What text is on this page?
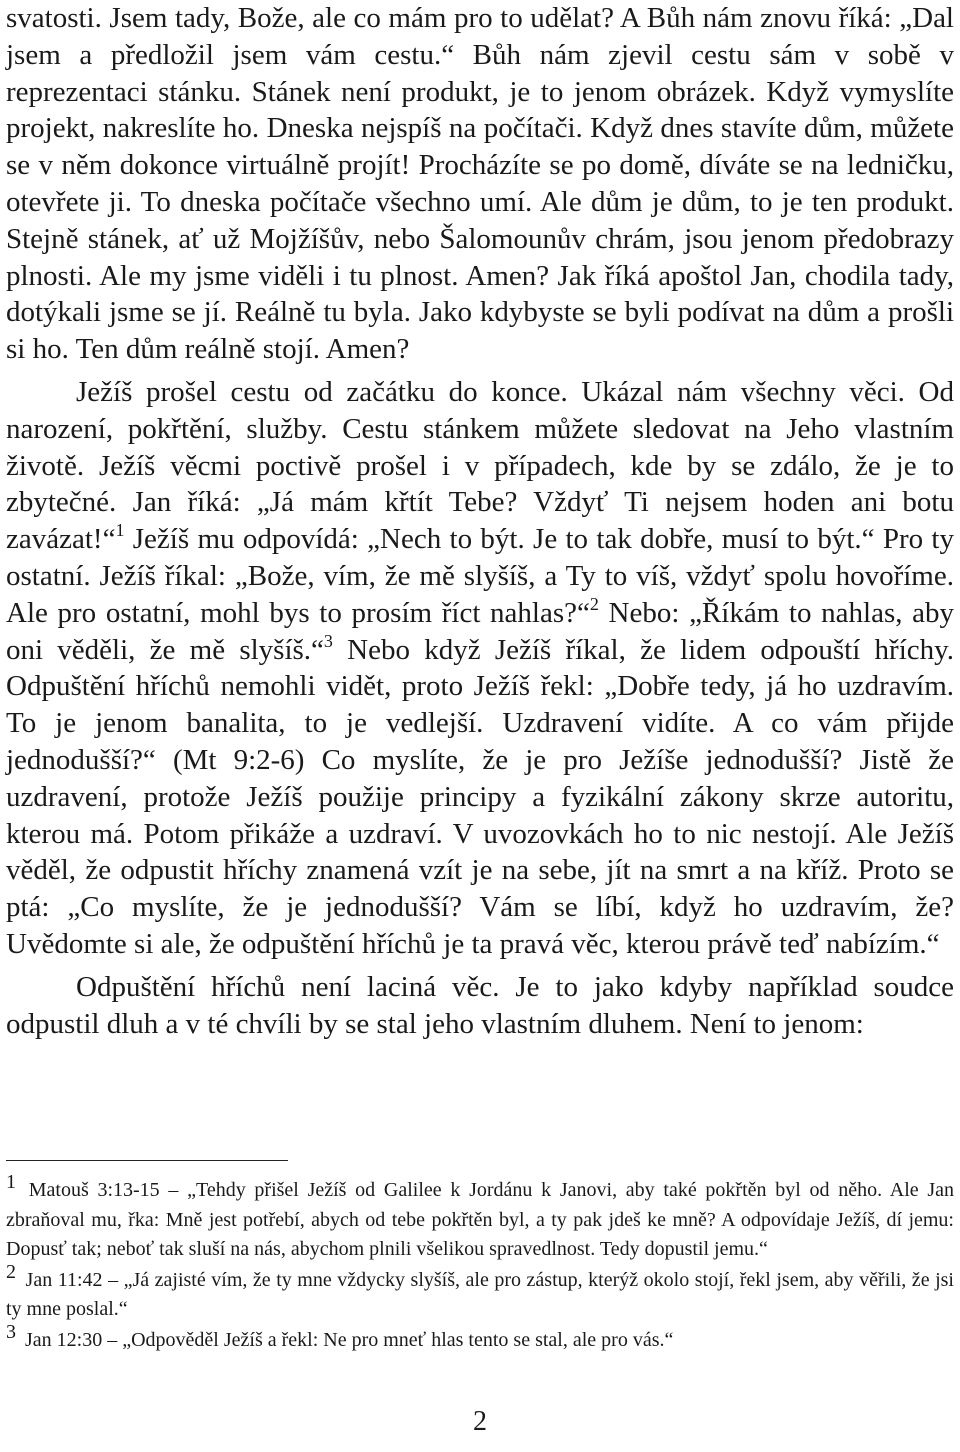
svatosti. Jsem tady, Bože, ale co mám pro to udělat? A Bůh nám znovu říká: „Dal jsem a předložil jsem vám cestu.“ Bůh nám zjevil cestu sám v sobě v reprezentaci stánku. Stánek není produkt, je to jenom obrázek. Když vymyslíte projekt, nakreslíte ho. Dneska nejspíš na počítači. Když dnes stavíte dům, můžete se v něm dokonce virtuálně projít! Procházíte se po domě, díváte se na ledničku, otevřete ji. To dneska počítače všechno umí. Ale dům je dům, to je ten produkt. Stejně stánek, ať už Mojžíšův, nebo Šalomounův chrám, jsou jenom předobrazy plnosti. Ale my jsme viděli i tu plnost. Amen? Jak říká apoštol Jan, chodila tady, dotýkali jsme se jí. Reálně tu byla. Jako kdybyste se byli podívat na dům a prošli si ho. Ten dům reálně stojí. Amen?

Ježíš prošel cestu od začátku do konce. Ukázal nám všechny věci. Od narození, pokřtění, služby. Cestu stánkem můžete sledovat na Jeho vlastním životě. Ježíš věcmi poctivě prošel i v případech, kde by se zdálo, že je to zbytečné. Jan říká: „Já mám křtít Tebe? Vždyť Ti nejsem hoden ani botu zavázat!“$^1$ Ježíš mu odpovídá: „Nech to být. Je to tak dobře, musí to být.“ Pro ty ostatní. Ježíš říkal: „Bože, vím, že mě slyšíš, a Ty to víš, vždyť spolu hovoříme. Ale pro ostatní, mohl bys to prosím říct nahlas?“$^2$ Nebo: „Říkám to nahlas, aby oni věděli, že mě slyšíš.“$^3$ Nebo když Ježíš říkal, že lidem odpouští hříchy. Odpuštění hříchů nemohli vidět, proto Ježíš řekl: „Dobře tedy, já ho uzdravím. To je jenom banalita, to je vedlejší. Uzdravení vidíte. A co vám přijde jednodušší?“ (Mt 9:2-6) Co myslíte, že je pro Ježíše jednodušší? Jistě že uzdravení, protože Ježíš použije principy a fyzikální zákony skrze autoritu, kterou má. Potom přikáže a uzdraví. V uvozovkách ho to nic nestojí. Ale Ježíš věděl, že odpustit hříchy znamená vzít je na sebe, jít na smrt a na kříž. Proto se ptá: „Co myslíte, že je jednodušší? Vám se líbí, když ho uzdravím, že? Uvědomte si ale, že odpuštění hříchů je ta pravá věc, kterou právě teď nabízím.“

Odpuštění hříchů není laciná věc. Je to jako kdyby například soudce odpustil dluh a v té chvíli by se stal jeho vlastním dluhem. Není to jenom:

1 Matouš 3:13-15 – „Tehdy přišel Ježíš od Galilee k Jordánu k Janovi, aby také pokřtěn byl od něho. Ale Jan zbraňoval mu, řka: Mně jest potřebí, abych od tebe pokřtěn byl, a ty pak jdeš ke mně? A odpovídaje Ježíš, dí jemu: Dopusť tak; neboť tak sluší na nás, abychom plnili všelikou spravedlnost. Tedy dopustil jemu.“

2 Jan 11:42 – „Já zajisté vím, že ty mne vždycky slyšíš, ale pro zástup, kterýž okolo stojí, řekl jsem, aby věřili, že jsi ty mne poslal.“

3 Jan 12:30 – „Odpověděl Ježíš a řekl: Ne pro mneť hlas tento se stal, ale pro vás.“

2
